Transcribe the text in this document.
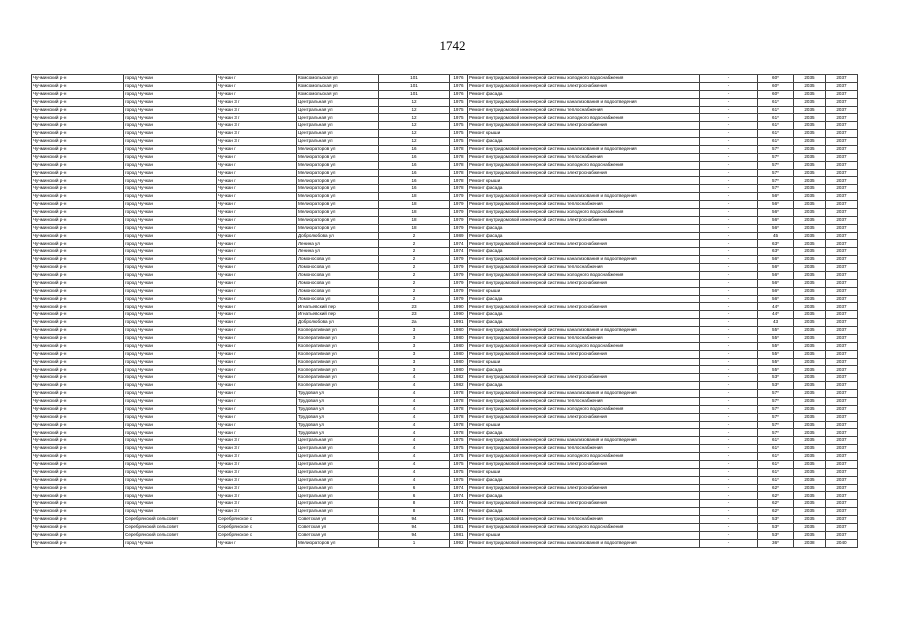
1742
Чучминский р-н	город Чучкан	Чучкан г	Комсомольская ул	101	1976	Ремонт внутридомовой инженерной системы холодного водоснабжения	-	60*	2035	2037
Чучминский р-н	город Чучкан	Чучкан г	Комсомольская ул	101	1976	Ремонт внутридомовой инженерной системы электроснабжения	-	60*	2035	2037
Чучминский р-н	город Чучкан	Чучкан г	Комсомольская ул	101	1976	Ремонт фасада	-	60*	2035	2037
Чучминский р-н	город Чучкан	Чучкан 3 г	Центральная ул	12	1975	Ремонт внутридомовой инженерной системы канализования и водоотведения	-	61*	2035	2037
Чучминский р-н	город Чучкан	Чучкан 3 г	Центральная ул	12	1975	Ремонт внутридомовой инженерной системы теплоснабжения	-	61*	2035	2037
Чучминский р-н	город Чучкан	Чучкан 3 г	Центральная ул	12	1975	Ремонт внутридомовой инженерной системы холодного водоснабжения	-	61*	2035	2037
Чучминский р-н	город Чучкан	Чучкан 3 г	Центральная ул	12	1975	Ремонт внутридомовой инженерной системы электроснабжения	-	61*	2035	2037
Чучминский р-н	город Чучкан	Чучкан 3 г	Центральная ул	12	1975	Ремонт крыши	-	61*	2035	2037
Чучминский р-н	город Чучкан	Чучкан 3 г	Центральная ул	12	1975	Ремонт фасада	-	61*	2035	2037
Чучминский р-н	город Чучкан	Чучкан г	Мелиораторов ул	16	1978	Ремонт внутридомовой инженерной системы канализования и водоотведения	-	57*	2035	2037
Чучминский р-н	город Чучкан	Чучкан г	Мелиораторов ул	16	1978	Ремонт внутридомовой инженерной системы теплоснабжения	-	57*	2035	2037
Чучминский р-н	город Чучкан	Чучкан г	Мелиораторов ул	16	1978	Ремонт внутридомовой инженерной системы холодного водоснабжения	-	57*	2035	2037
Чучминский р-н	город Чучкан	Чучкан г	Мелиораторов ул	16	1978	Ремонт внутридомовой инженерной системы электроснабжения	-	57*	2035	2037
Чучминский р-н	город Чучкан	Чучкан г	Мелиораторов ул	16	1978	Ремонт крыши	-	57*	2035	2037
Чучминский р-н	город Чучкан	Чучкан г	Мелиораторов ул	16	1978	Ремонт фасада	-	57*	2035	2037
Чучминский р-н	город Чучкан	Чучкан г	Мелиораторов ул	18	1979	Ремонт внутридомовой инженерной системы канализования и водоотведения	-	56*	2035	2037
Чучминский р-н	город Чучкан	Чучкан г	Мелиораторов ул	18	1979	Ремонт внутридомовой инженерной системы теплоснабжения	-	56*	2035	2037
Чучминский р-н	город Чучкан	Чучкан г	Мелиораторов ул	18	1979	Ремонт внутридомовой инженерной системы холодного водоснабжения	-	56*	2035	2037
Чучминский р-н	город Чучкан	Чучкан г	Мелиораторов ул	18	1979	Ремонт внутридомовой инженерной системы электроснабжения	-	56*	2035	2037
Чучминский р-н	город Чучкан	Чучкан г	Мелиораторов ул	18	1979	Ремонт фасада	-	56*	2035	2037
Чучминский р-н	город Чучкан	Чучкан г	Добролюбова ул	2	1989	Ремонт фасада	-	45	2035	2037
Чучминский р-н	город Чучкан	Чучкан г	Ленина ул	2	1974	Ремонт внутридомовой инженерной системы электроснабжения	-	63*	2035	2037
Чучминский р-н	город Чучкан	Чучкан г	Ленина ул	2	1974	Ремонт фасада	-	63*	2035	2037
Чучминский р-н	город Чучкан	Чучкан г	Ломоносова ул	2	1979	Ремонт внутридомовой инженерной системы канализования и водоотведения	-	56*	2035	2037
Чучминский р-н	город Чучкан	Чучкан г	Ломоносова ул	2	1979	Ремонт внутридомовой инженерной системы теплоснабжения	-	56*	2035	2037
Чучминский р-н	город Чучкан	Чучкан г	Ломоносова ул	2	1979	Ремонт внутридомовой инженерной системы холодного водоснабжения	-	56*	2035	2037
Чучминский р-н	город Чучкан	Чучкан г	Ломоносова ул	2	1979	Ремонт внутридомовой инженерной системы электроснабжения	-	56*	2035	2037
Чучминский р-н	город Чучкан	Чучкан г	Ломоносова ул	2	1979	Ремонт крыши	-	56*	2035	2037
Чучминский р-н	город Чучкан	Чучкан г	Ломоносова ул	2	1979	Ремонт фасада	-	56*	2035	2037
Чучминский р-н	город Чучкан	Чучкан г	Игнатьевский пер	23	1990	Ремонт внутридомовой инженерной системы электроснабжения	-	44*	2035	2037
Чучминский р-н	город Чучкан	Чучкан г	Игнатьевский пер	23	1990	Ремонт фасада	-	44*	2035	2037
Чучминский р-н	город Чучкан	Чучкан г	Добролюбова ул	2а	1991	Ремонт фасада	-	43	2035	2037
Чучминский р-н	город Чучкан	Чучкан г	Кооперативная ул	3	1980	Ремонт внутридомовой инженерной системы канализования и водоотведения	-	55*	2035	2037
Чучминский р-н	город Чучкан	Чучкан г	Кооперативная ул	3	1980	Ремонт внутридомовой инженерной системы теплоснабжения	-	55*	2035	2037
Чучминский р-н	город Чучкан	Чучкан г	Кооперативная ул	3	1980	Ремонт внутридомовой инженерной системы холодного водоснабжения	-	55*	2035	2037
Чучминский р-н	город Чучкан	Чучкан г	Кооперативная ул	3	1980	Ремонт внутридомовой инженерной системы электроснабжения	-	55*	2035	2037
Чучминский р-н	город Чучкан	Чучкан г	Кооперативная ул	3	1980	Ремонт крыши	-	55*	2035	2037
Чучминский р-н	город Чучкан	Чучкан г	Кооперативная ул	3	1980	Ремонт фасада	-	55*	2035	2037
Чучминский р-н	город Чучкан	Чучкан г	Кооперативная ул	4	1982	Ремонт внутридомовой инженерной системы электроснабжения	-	53*	2035	2037
Чучминский р-н	город Чучкан	Чучкан г	Кооперативная ул	4	1982	Ремонт фасада	-	53*	2035	2037
Чучминский р-н	город Чучкан	Чучкан г	Трудовая ул	4	1978	Ремонт внутридомовой инженерной системы канализования и водоотведения	-	57*	2035	2037
Чучминский р-н	город Чучкан	Чучкан г	Трудовая ул	4	1978	Ремонт внутридомовой инженерной системы теплоснабжения	-	57*	2035	2037
Чучминский р-н	город Чучкан	Чучкан г	Трудовая ул	4	1978	Ремонт внутридомовой инженерной системы холодного водоснабжения	-	57*	2035	2037
Чучминский р-н	город Чучкан	Чучкан г	Трудовая ул	4	1978	Ремонт внутридомовой инженерной системы электроснабжения	-	57*	2035	2037
Чучминский р-н	город Чучкан	Чучкан г	Трудовая ул	4	1978	Ремонт крыши	-	57*	2035	2037
Чучминский р-н	город Чучкан	Чучкан г	Трудовая ул	4	1978	Ремонт фасада	-	57*	2035	2037
Чучминский р-н	город Чучкан	Чучкан 3 г	Центральная ул	4	1975	Ремонт внутридомовой инженерной системы канализования и водоотведения	-	61*	2035	2037
Чучминский р-н	город Чучкан	Чучкан 3 г	Центральная ул	4	1975	Ремонт внутридомовой инженерной системы теплоснабжения	-	61*	2035	2037
Чучминский р-н	город Чучкан	Чучкан 3 г	Центральная ул	4	1975	Ремонт внутридомовой инженерной системы холодного водоснабжения	-	61*	2035	2037
Чучминский р-н	город Чучкан	Чучкан 3 г	Центральная ул	4	1975	Ремонт внутридомовой инженерной системы электроснабжения	-	61*	2035	2037
Чучминский р-н	город Чучкан	Чучкан 3 г	Центральная ул	4	1975	Ремонт крыши	-	61*	2035	2037
Чучминский р-н	город Чучкан	Чучкан 3 г	Центральная ул	4	1975	Ремонт фасада	-	61*	2035	2037
Чучминский р-н	город Чучкан	Чучкан 3 г	Центральная ул	6	1974	Ремонт внутридомовой инженерной системы электроснабжения	-	62*	2035	2037
Чучминский р-н	город Чучкан	Чучкан 3 г	Центральная ул	6	1974	Ремонт фасада	-	62*	2035	2037
Чучминский р-н	город Чучкан	Чучкан 3 г	Центральная ул	8	1974	Ремонт внутридомовой инженерной системы электроснабжения	-	62*	2035	2037
Чучминский р-н	город Чучкан	Чучкан 3 г	Центральная ул	8	1974	Ремонт фасада	-	62*	2035	2037
Чучминский р-н	Серебрянский сельсовет	Серебрянское с	Советская ул	94	1981	Ремонт внутридомовой инженерной системы теплоснабжения	-	53*	2035	2037
Чучминский р-н	Серебрянский сельсовет	Серебрянское с	Советская ул	94	1981	Ремонт внутридомовой инженерной системы холодного водоснабжения	-	53*	2035	2037
Чучминский р-н	Серебрянский сельсовет	Серебрянское с	Советская ул	94	1981	Ремонт крыши	-	53*	2035	2037
Чучминский р-н	город Чучкан	Чучкан г	Мелиораторов ул	1	1992	Ремонт внутридомовой инженерной системы канализования и водоотведения	-	36*	2038	2040
